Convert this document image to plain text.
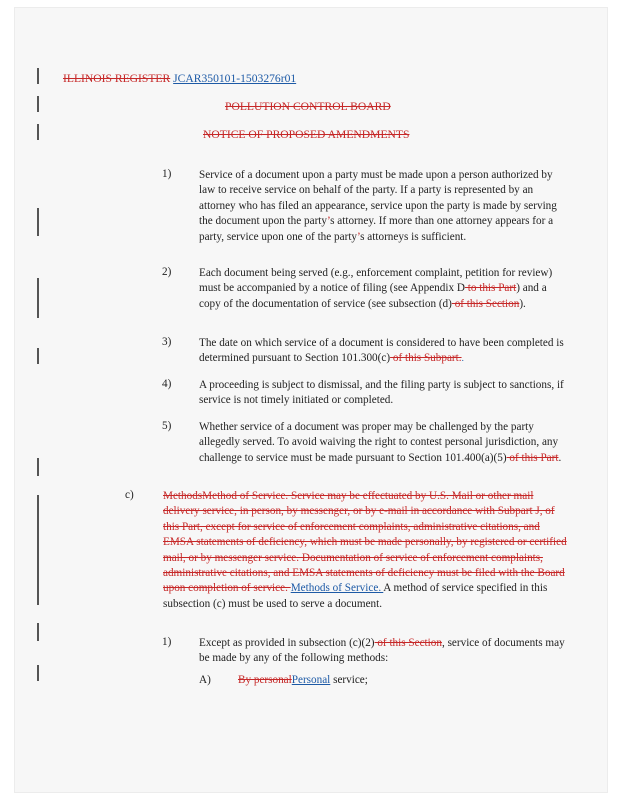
ILLINOIS REGISTER JCAR350101-1503276r01
POLLUTION CONTROL BOARD
NOTICE OF PROPOSED AMENDMENTS
1) Service of a document upon a party must be made upon a person authorized by law to receive service on behalf of the party. If a party is represented by an attorney who has filed an appearance, service upon the party is made by serving the document upon the party’s attorney. If more than one attorney appears for a party, service upon one of the party’s attorneys is sufficient.
2) Each document being served (e.g., enforcement complaint, petition for review) must be accompanied by a notice of filing (see Appendix D to this Part) and a copy of the documentation of service (see subsection (d) of this Section).
3) The date on which service of a document is considered to have been completed is determined pursuant to Section 101.300(c) of this Subpart..
4) A proceeding is subject to dismissal, and the filing party is subject to sanctions, if service is not timely initiated or completed.
5) Whether service of a document was proper may be challenged by the party allegedly served. To avoid waiving the right to contest personal jurisdiction, any challenge to service must be made pursuant to Section 101.400(a)(5) of this Part.
c)	MethodsMethod of Service. Service may be effectuated by U.S. Mail or other mail delivery service, in person, by messenger, or by e-mail in accordance with Subpart J, of this Part, except for service of enforcement complaints, administrative citations, and EMSA statements of deficiency, which must be made personally, by registered or certified mail, or by messenger service. Documentation of service of enforcement complaints, administrative citations, and EMSA statements of deficiency must be filed with the Board upon completion of service. Methods of Service. A method of service specified in this subsection (c) must be used to serve a document.
1) Except as provided in subsection (c)(2) of this Section, service of documents may be made by any of the following methods:
A) By personalPersonal service;
